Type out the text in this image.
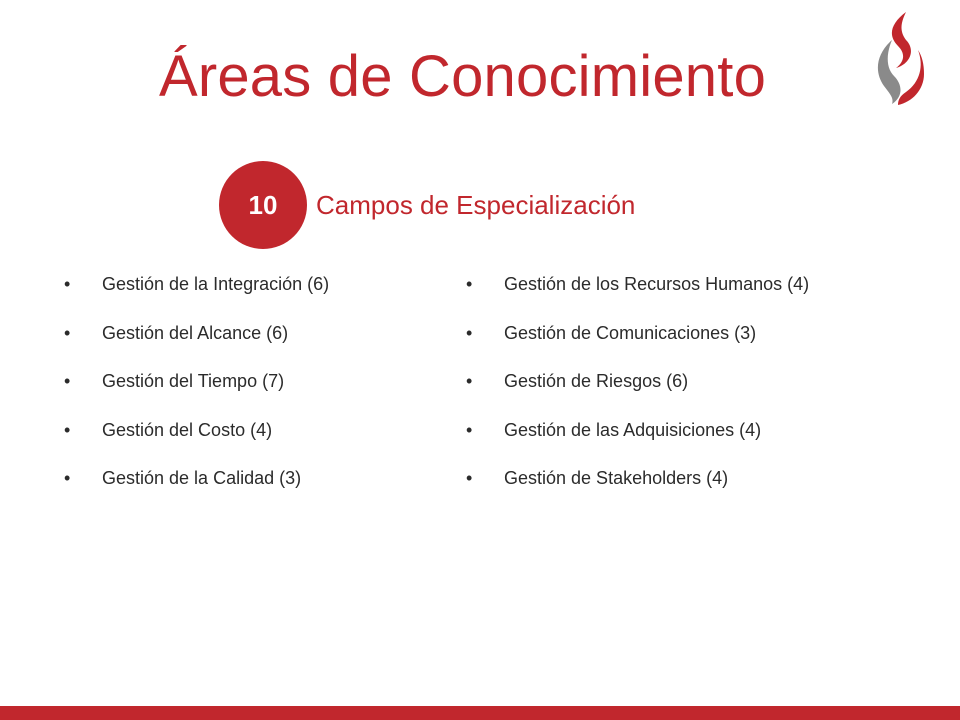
Áreas de Conocimiento
10	Campos de Especialización
•	Gestión de la Integración (6)
•	Gestión del Alcance (6)
•	Gestión del Tiempo (7)
•	Gestión del Costo (4)
•	Gestión de la Calidad (3)
•	Gestión de los Recursos Humanos (4)
•	Gestión de Comunicaciones (3)
•	Gestión de Riesgos (6)
•	Gestión de las Adquisiciones (4)
•	Gestión de Stakeholders (4)
